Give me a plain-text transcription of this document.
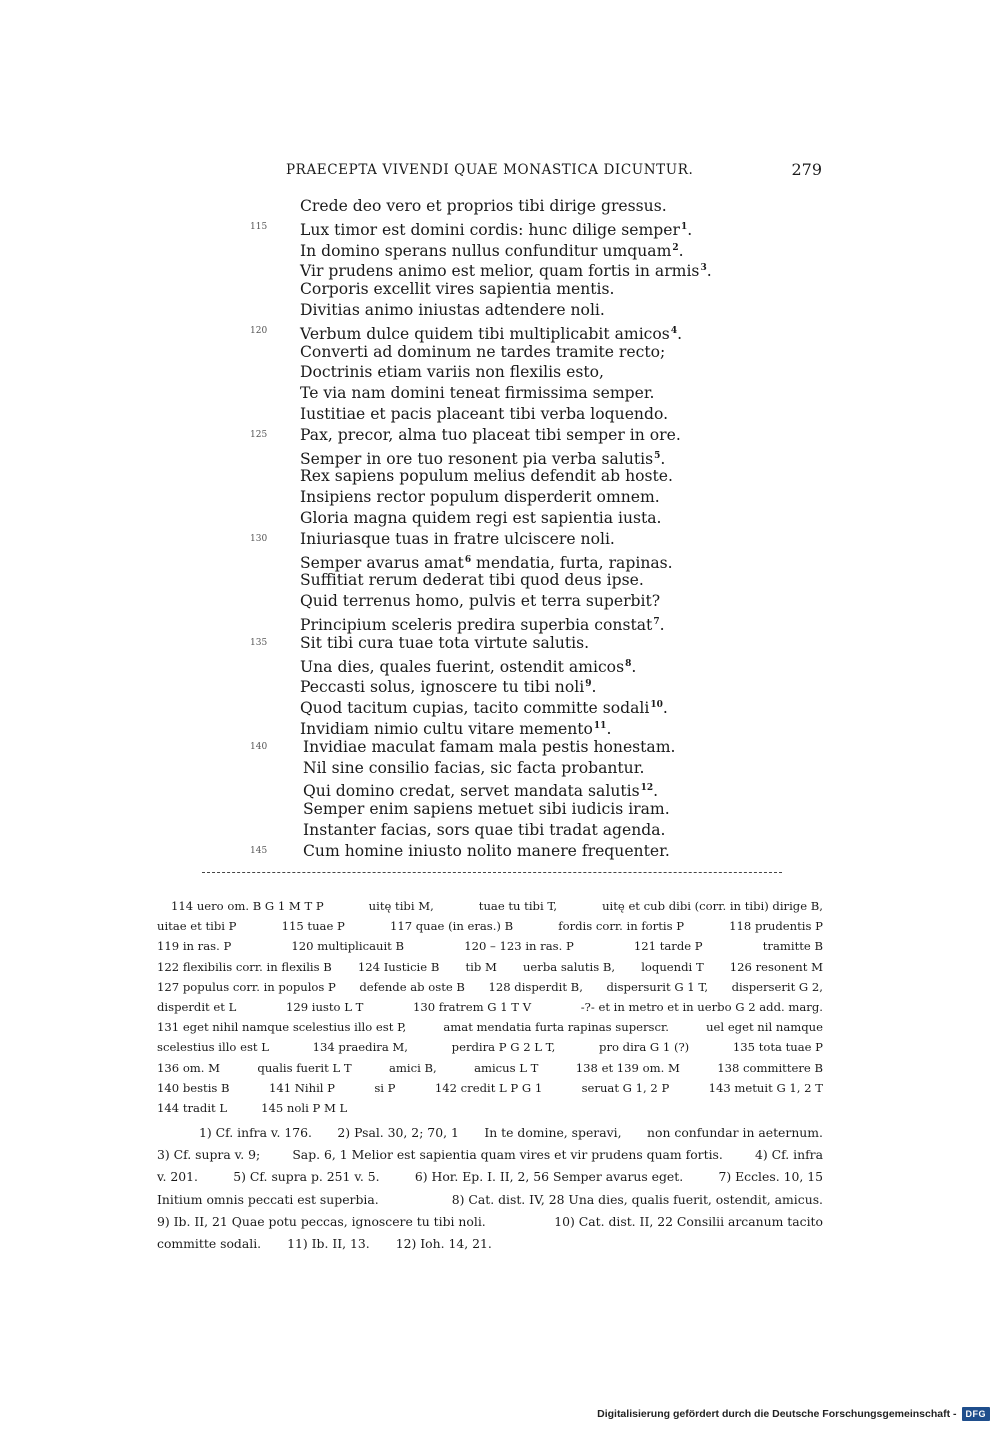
PRAECEPTA VIVENDI QUAE MONASTICA DICUNTUR.	279
Crede deo vero et proprios tibi dirige gressus.
115	Lux timor est domini cordis: hunc dilige semper$^1$.
In domino sperans nullus confunditur umquam$^2$.
Vir prudens animo est melior, quam fortis in armis$^3$.
Corporis excellit vires sapientia mentis.
Divitias animo iniustas adtendere noli.
120	Verbum dulce quidem tibi multiplicabit amicos$^4$.
Converti ad dominum ne tardes tramite recto;
Doctrinis etiam variis non flexilis esto,
Te via nam domini teneat firmissima semper.
Iustitiae et pacis placeant tibi verba loquendo.
125	Pax, precor, alma tuo placeat tibi semper in ore.
Semper in ore tuo resonent pia verba salutis$^5$.
Rex sapiens populum melius defendit ab hoste.
Insipiens rector populum disperderit omnem.
Gloria magna quidem regi est sapientia iusta.
130	Iniuriasque tuas in fratre ulciscere noli.
Semper avarus amat$^6$ mendatia, furta, rapinas.
Suffitiat rerum dederat tibi quod deus ipse.
Quid terrenus homo, pulvis et terra superbit?
Principium sceleris predira superbia constat$^7$.
135	Sit tibi cura tuae tota virtute salutis.
Una dies, quales fuerint, ostendit amicos$^8$.
Peccasti solus, ignoscere tu tibi noli$^9$.
Quod tacitum cupias, tacito committe sodali$^{10}$.
Invidiam nimio cultu vitare memento$^{11}$.
140	Invidiae maculat famam mala pestis honestam.
Nil sine consilio facias, sic facta probantur.
Qui domino credat, servet mandata salutis$^{12}$.
Semper enim sapiens metuet sibi iudicis iram.
Instanter facias, sors quae tibi tradat agenda.
145	Cum homine iniusto nolito manere frequenter.
114 uero om. B G 1 M T P	uitę tibi M,	tuae tu tibi T,	uitę et cub dibi (corr. in tibi) dirige B,
uitae et tibi P	115 tuae P	117 quae (in eras.) B	fordis corr. in fortis P	118 prudentis P
119 in ras. P	120 multiplicauit B	120 – 123 in ras. P	121 tarde P	tramitte B
122 flexibilis corr. in flexilis B 124 Iusticie B tib M uerba salutis B, loquendi T 126 resonent M
127 populus corr. in populos P defende ab oste B 128 disperdit B, dispersurit G 1 T, disperserit G 2,
disperdit et L	129 iusto L T	130 fratrem G 1 T V	-?- et in metro et in uerbo G 2 add. marg.
131 eget nihil namque scelestius illo est P,	amat mendatia furta rapinas superscr.	uel eget nil namque
scelestius illo est L	134 praedira M,	perdira P G 2 L T,	pro dira G 1 (?)	135 tota tuae P
136 om. M	qualis fuerit L T	amici B,	amicus L T	138 et 139 om. M	138 committere B
140 bestis B	141 Nihil P	si P	142 credit L P G 1	seruat G 1, 2 P	143 metuit G 1, 2 T
144 tradit L	145 noli P M L
1) Cf. infra v. 176. 2) Psal. 30, 2; 70, 1 In te domine, speravi, non confundar in aeternum.
3) Cf. supra v. 9;	Sap. 6, 1 Melior est sapientia quam vires et vir prudens quam fortis.	4) Cf. infra
v. 201.	5) Cf. supra p. 251 v. 5.	6) Hor. Ep. I. II, 2, 56 Semper avarus eget.	7) Eccles. 10, 15
Initium omnis peccati est superbia.	8) Cat. dist. IV, 28 Una dies, qualis fuerit, ostendit, amicus.
9) Ib. II, 21 Quae potu peccas, ignoscere tu tibi noli.	10) Cat. dist. II, 22 Consilii arcanum tacito
committe sodali. 11) Ib. II, 13. 12) Ioh. 14, 21.
Digitalisierung gefördert durch die Deutsche Forschungsgemeinschaft -	DFG
